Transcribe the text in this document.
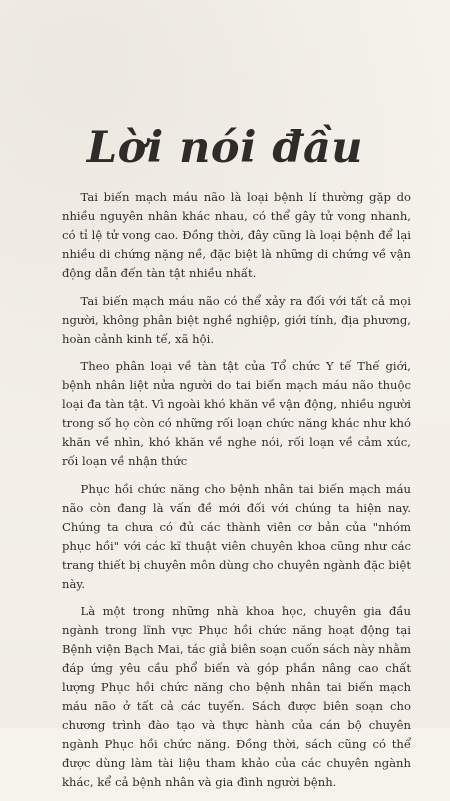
Lời nói đầu

Tai biến mạch máu não là loại bệnh lí thường gặp do nhiều nguyên nhân khác nhau, có thể gây tử vong nhanh, có tỉ lệ tử vong cao. Đồng thời, đây cũng là loại bệnh để lại nhiều di chứng nặng nề, đặc biệt là những di chứng về vận động dẫn đến tàn tật nhiều nhất.

Tai biến mạch máu não có thể xảy ra đối với tất cả mọi người, không phân biệt nghề nghiệp, giới tính, địa phương, hoàn cảnh kinh tế, xã hội.

Theo phân loại về tàn tật của Tổ chức Y tế Thế giới, bệnh nhân liệt nửa người do tai biến mạch máu não thuộc loại đa tàn tật. Vì ngoài khó khăn về vận động, nhiều người trong số họ còn có những rối loạn chức năng khác như khó khăn về nhìn, khó khăn về nghe nói, rối loạn về cảm xúc, rối loạn về nhận thức

Phục hồi chức năng cho bệnh nhân tai biến mạch máu não còn đang là vấn đề mới đối với chúng ta hiện nay. Chúng ta chưa có đủ các thành viên cơ bản của "nhóm phục hồi" với các kĩ thuật viên chuyên khoa cũng như các trang thiết bị chuyên môn dùng cho chuyên ngành đặc biệt này.

Là một trong những nhà khoa học, chuyên gia đầu ngành trong lĩnh vực Phục hồi chức năng hoạt động tại Bệnh viện Bạch Mai, tác giả biên soạn cuốn sách này nhằm đáp ứng yêu cầu phổ biến và góp phần nâng cao chất lượng Phục hồi chức năng cho bệnh nhân tai biến mạch máu não ở tất cả các tuyến. Sách được biên soạn cho chương trình đào tạo và thực hành của cán bộ chuyên ngành Phục hồi chức năng. Đồng thời, sách cũng có thể được dùng làm tài liệu tham khảo của các chuyên ngành khác, kể cả bệnh nhân và gia đình người bệnh.
